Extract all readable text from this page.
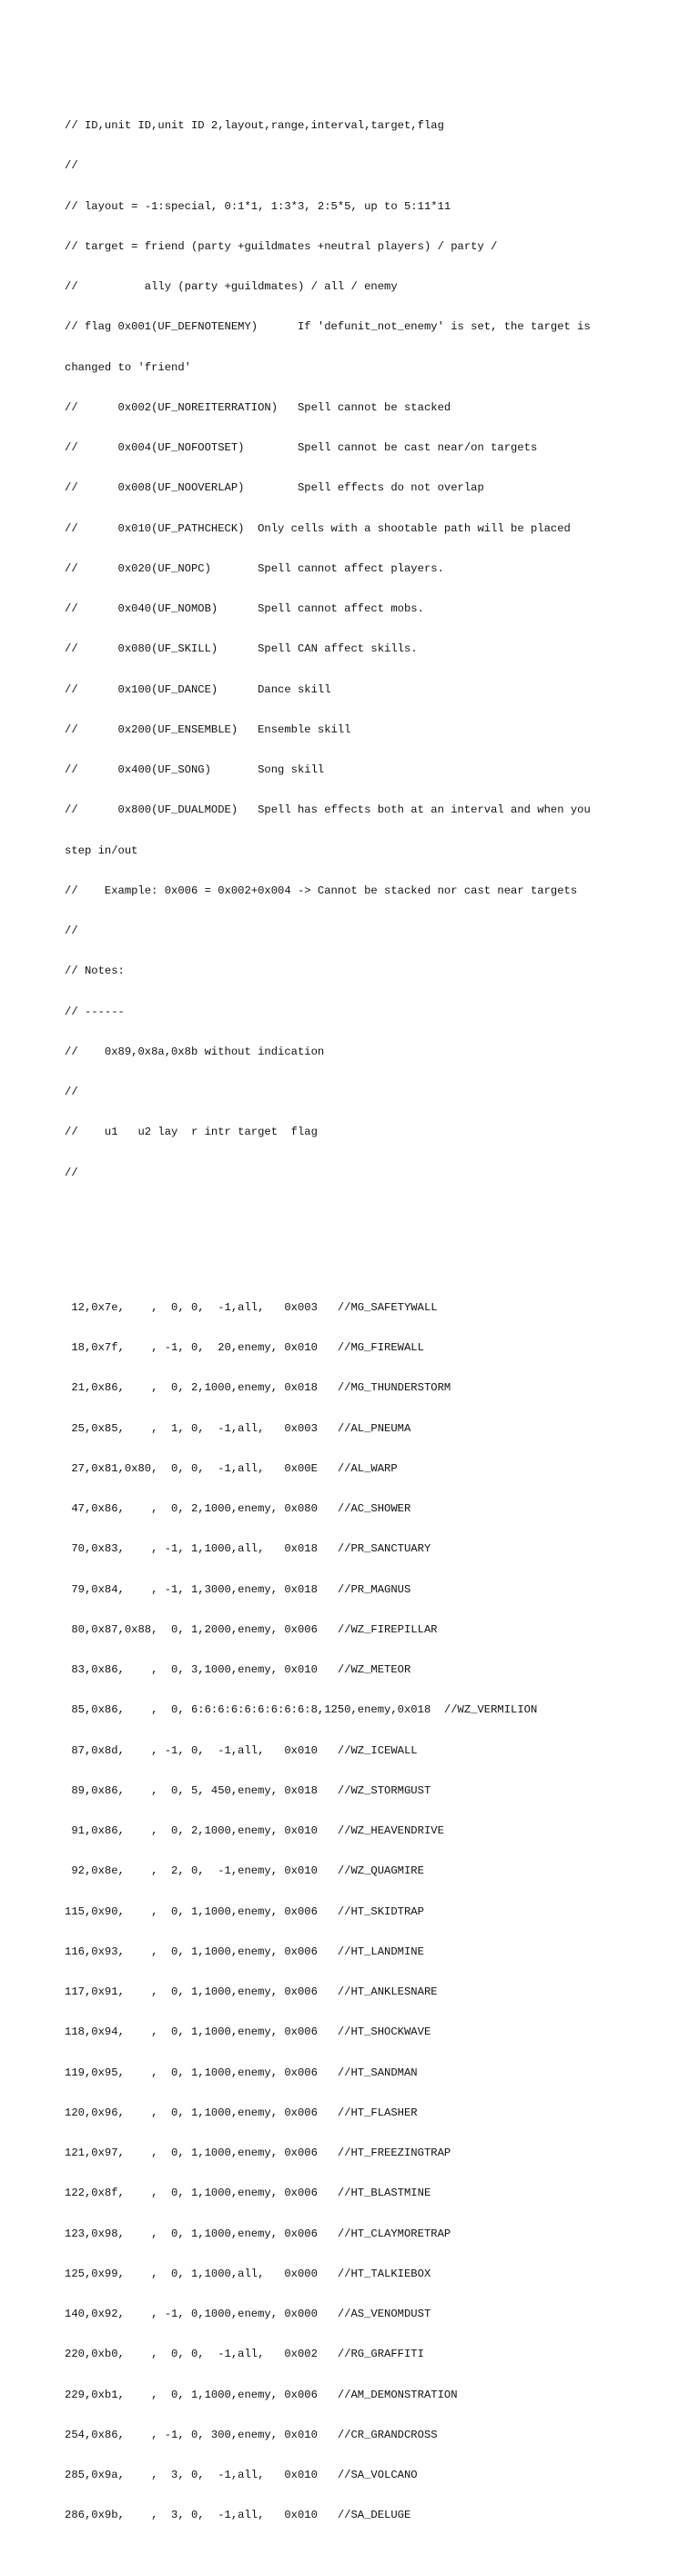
// ID,unit ID,unit ID 2,layout,range,interval,target,flag

//

// layout = -1:special, 0:1*1, 1:3*3, 2:5*5, up to 5:11*11

// target = friend (party +guildmates +neutral players) / party /

//          ally (party +guildmates) / all / enemy

// flag 0x001(UF_DEFNOTENEMY)      If 'defunit_not_enemy' is set, the target is

changed to 'friend'

//      0x002(UF_NOREITERRATION)   Spell cannot be stacked

//      0x004(UF_NOFOOTSET)        Spell cannot be cast near/on targets

//      0x008(UF_NOOVERLAP)        Spell effects do not overlap

//      0x010(UF_PATHCHECK)  Only cells with a shootable path will be placed

//      0x020(UF_NOPC)       Spell cannot affect players.

//      0x040(UF_NOMOB)      Spell cannot affect mobs.

//      0x080(UF_SKILL)      Spell CAN affect skills.

//      0x100(UF_DANCE)      Dance skill

//      0x200(UF_ENSEMBLE)   Ensemble skill

//      0x400(UF_SONG)       Song skill

//      0x800(UF_DUALMODE)   Spell has effects both at an interval and when you

step in/out

//    Example: 0x006 = 0x002+0x004 -> Cannot be stacked nor cast near targets

//

// Notes:

// ------

//    0x89,0x8a,0x8b without indication

//

//    u1   u2 lay  r intr target  flag

//

12,0x7e,    ,  0, 0,  -1,all,   0x003   //MG_SAFETYWALL

18,0x7f,    , -1, 0,  20,enemy, 0x010   //MG_FIREWALL

21,0x86,    ,  0, 2,1000,enemy, 0x018   //MG_THUNDERSTORM

25,0x85,    ,  1, 0,  -1,all,   0x003   //AL_PNEUMA

27,0x81,0x80,  0, 0,  -1,all,   0x00E   //AL_WARP

47,0x86,    ,  0, 2,1000,enemy, 0x080   //AC_SHOWER

70,0x83,    , -1, 1,1000,all,   0x018   //PR_SANCTUARY

79,0x84,    , -1, 1,3000,enemy, 0x018   //PR_MAGNUS

80,0x87,0x88,  0, 1,2000,enemy, 0x006   //WZ_FIREPILLAR

83,0x86,    ,  0, 3,1000,enemy, 0x010   //WZ_METEOR

85,0x86,    ,  0, 6:6:6:6:6:6:6:6:6:8,1250,enemy,0x018  //WZ_VERMILION

87,0x8d,    , -1, 0,  -1,all,   0x010   //WZ_ICEWALL

89,0x86,    ,  0, 5, 450,enemy, 0x018   //WZ_STORMGUST

91,0x86,    ,  0, 2,1000,enemy, 0x010   //WZ_HEAVENDRIVE

92,0x8e,    ,  2, 0,  -1,enemy, 0x010   //WZ_QUAGMIRE

115,0x90,    ,  0, 1,1000,enemy, 0x006   //HT_SKIDTRAP

116,0x93,    ,  0, 1,1000,enemy, 0x006   //HT_LANDMINE

117,0x91,    ,  0, 1,1000,enemy, 0x006   //HT_ANKLESNARE

118,0x94,    ,  0, 1,1000,enemy, 0x006   //HT_SHOCKWAVE

119,0x95,    ,  0, 1,1000,enemy, 0x006   //HT_SANDMAN

120,0x96,    ,  0, 1,1000,enemy, 0x006   //HT_FLASHER

121,0x97,    ,  0, 1,1000,enemy, 0x006   //HT_FREEZINGTRAP

122,0x8f,    ,  0, 1,1000,enemy, 0x006   //HT_BLASTMINE

123,0x98,    ,  0, 1,1000,enemy, 0x006   //HT_CLAYMORETRAP

125,0x99,    ,  0, 1,1000,all,   0x000   //HT_TALKIEBOX

140,0x92,    , -1, 0,1000,enemy, 0x000   //AS_VENOMDUST

220,0xb0,    ,  0, 0,  -1,all,   0x002   //RG_GRAFFITI

229,0xb1,    ,  0, 1,1000,enemy, 0x006   //AM_DEMONSTRATION

254,0x86,    , -1, 0, 300,enemy, 0x010   //CR_GRANDCROSS

285,0x9a,    ,  3, 0,  -1,all,   0x010   //SA_VOLCANO

286,0x9b,    ,  3, 0,  -1,all,   0x010   //SA_DELUGE
